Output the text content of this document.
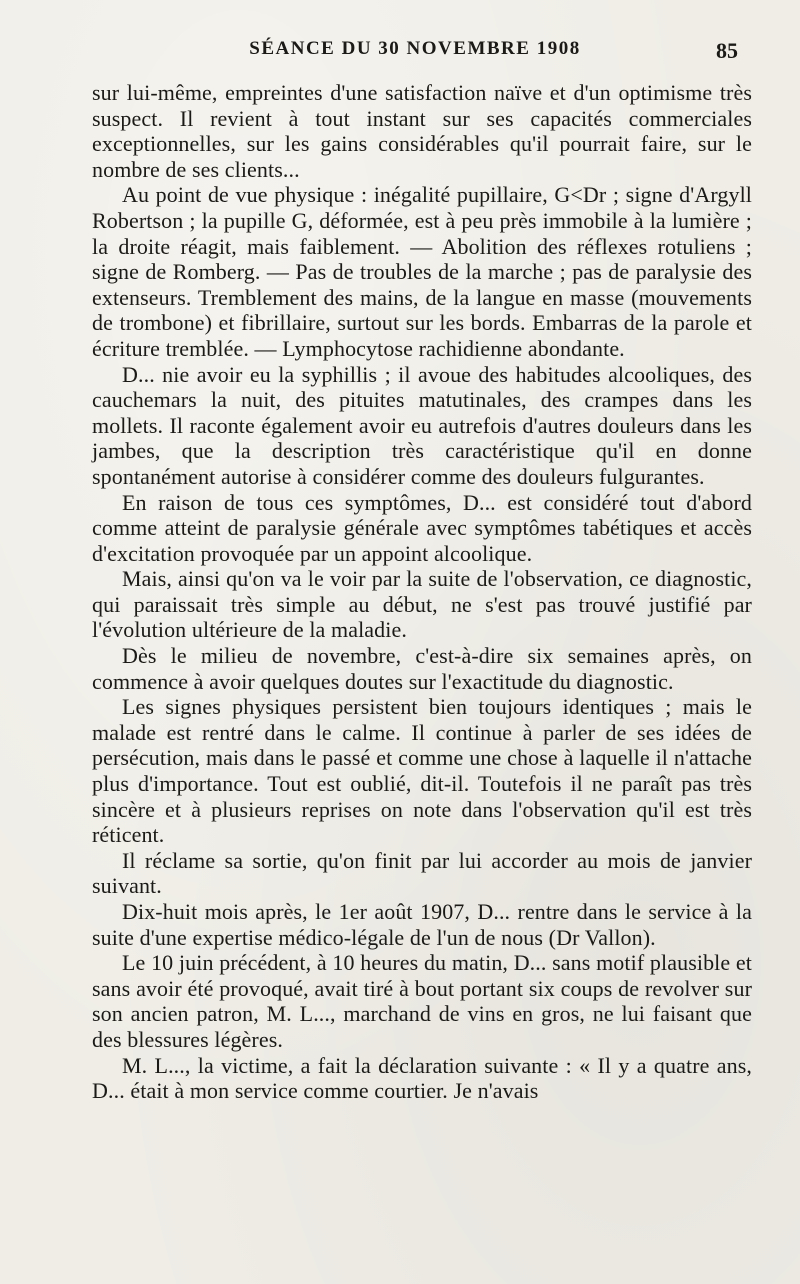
SÉANCE DU 30 NOVEMBRE 1908	85

sur lui-même, empreintes d'une satisfaction naïve et d'un optimisme très suspect. Il revient à tout instant sur ses capacités commerciales exceptionnelles, sur les gains considérables qu'il pourrait faire, sur le nombre de ses clients...

Au point de vue physique : inégalité pupillaire, G<Dr ; signe d'Argyll Robertson ; la pupille G, déformée, est à peu près immobile à la lumière ; la droite réagit, mais faiblement. — Abolition des réflexes rotuliens ; signe de Romberg. — Pas de troubles de la marche ; pas de paralysie des extenseurs. Tremblement des mains, de la langue en masse (mouvements de trombone) et fibrillaire, surtout sur les bords. Embarras de la parole et écriture tremblée. — Lymphocytose rachidienne abondante.

D... nie avoir eu la syphillis ; il avoue des habitudes alcooliques, des cauchemars la nuit, des pituites matutinales, des crampes dans les mollets. Il raconte également avoir eu autrefois d'autres douleurs dans les jambes, que la description très caractéristique qu'il en donne spontanément autorise à considérer comme des douleurs fulgurantes.

En raison de tous ces symptômes, D... est considéré tout d'abord comme atteint de paralysie générale avec symptômes tabétiques et accès d'excitation provoquée par un appoint alcoolique.

Mais, ainsi qu'on va le voir par la suite de l'observation, ce diagnostic, qui paraissait très simple au début, ne s'est pas trouvé justifié par l'évolution ultérieure de la maladie.

Dès le milieu de novembre, c'est-à-dire six semaines après, on commence à avoir quelques doutes sur l'exactitude du diagnostic.

Les signes physiques persistent bien toujours identiques ; mais le malade est rentré dans le calme. Il continue à parler de ses idées de persécution, mais dans le passé et comme une chose à laquelle il n'attache plus d'importance. Tout est oublié, dit-il. Toutefois il ne paraît pas très sincère et à plusieurs reprises on note dans l'observation qu'il est très réticent.

Il réclame sa sortie, qu'on finit par lui accorder au mois de janvier suivant.

Dix-huit mois après, le 1er août 1907, D... rentre dans le service à la suite d'une expertise médico-légale de l'un de nous (Dr Vallon).

Le 10 juin précédent, à 10 heures du matin, D... sans motif plausible et sans avoir été provoqué, avait tiré à bout portant six coups de revolver sur son ancien patron, M. L..., marchand de vins en gros, ne lui faisant que des blessures légères.

M. L..., la victime, a fait la déclaration suivante : « Il y a quatre ans, D... était à mon service comme courtier. Je n'avais
